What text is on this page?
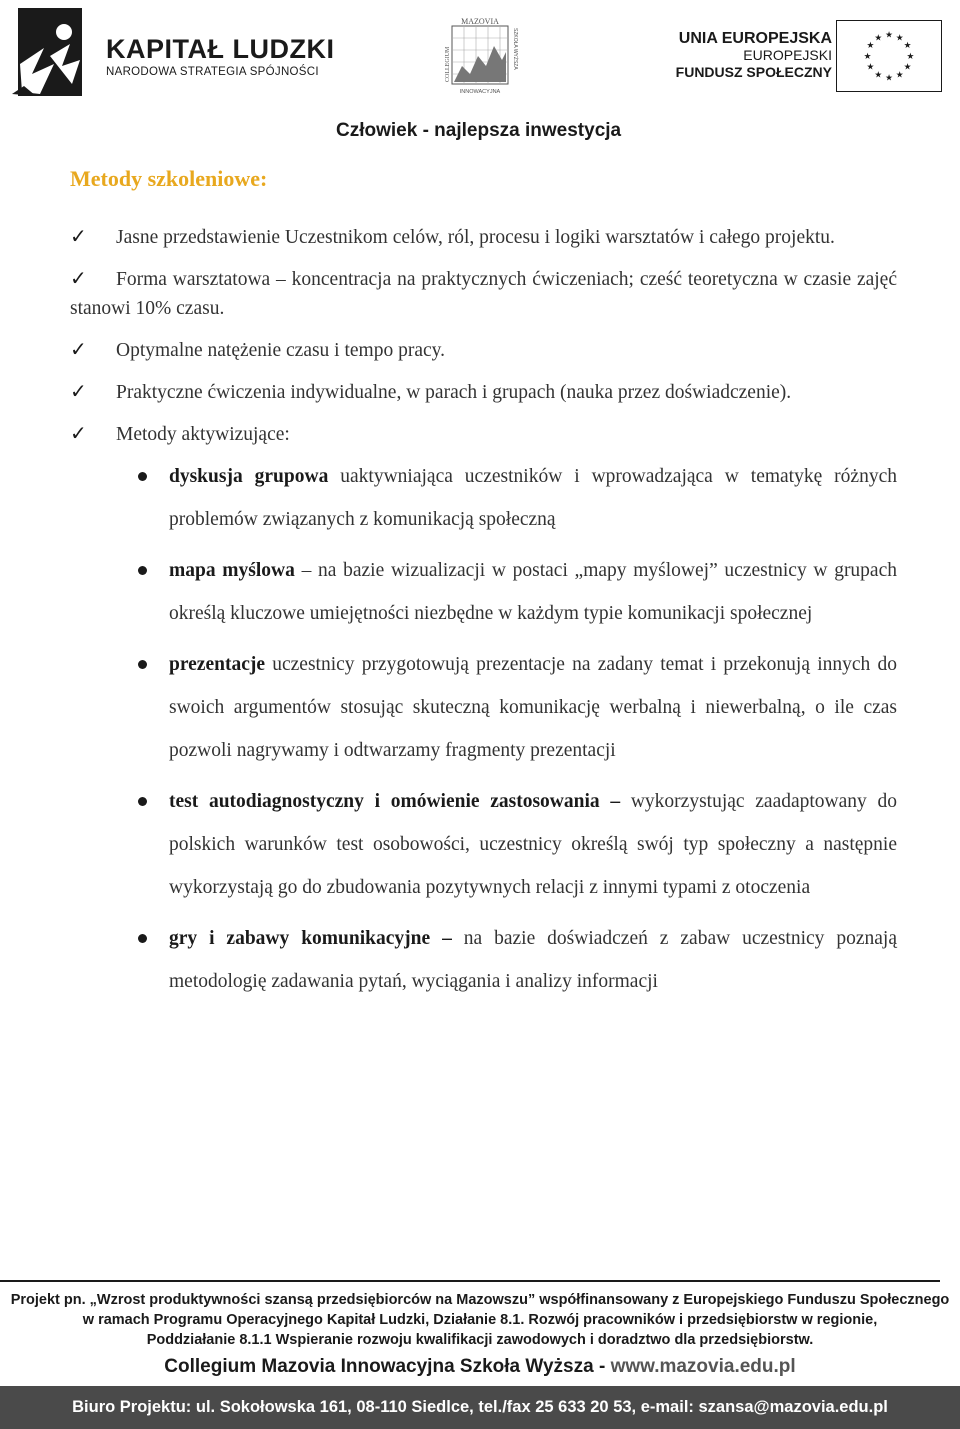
KAPITAŁ LUDZKI
NARODOWA STRATEGIA SPÓJNOŚCI
MAZOVIA
INNOWACYJNA
COLLEGIUM	SZKOŁA WYŻSZA	UNIA EUROPEJSKA
EUROPEJSKI
FUNDUSZ SPOŁECZNY
★
★
★
★
★
★
★
★
★ ★ ★
★
Człowiek - najlepsza inwestycja
Metody szkoleniowe:
✓ Jasne przedstawienie Uczestnikom celów, ról, procesu i logiki warsztatów i całego projektu.
✓ Forma warsztatowa – koncentracja na praktycznych ćwiczeniach; cześć teoretyczna w czasie zajęć stanowi 10% czasu.
✓ Optymalne natężenie czasu i tempo pracy.
✓ Praktyczne ćwiczenia indywidualne, w parach i grupach (nauka przez doświadczenie).
✓ Metody aktywizujące:
dyskusja grupowa uaktywniająca uczestników i wprowadzająca w tematykę różnych problemów związanych z komunikacją społeczną
mapa myślowa – na bazie wizualizacji w postaci „mapy myślowej” uczestnicy w grupach określą kluczowe umiejętności niezbędne w każdym typie komunikacji społecznej
prezentacje uczestnicy przygotowują prezentacje na zadany temat i przekonują innych do swoich argumentów stosując skuteczną komunikację werbalną i niewerbalną, o ile czas pozwoli nagrywamy i odtwarzamy fragmenty prezentacji
test autodiagnostyczny i omówienie zastosowania – wykorzystując zaadaptowany do polskich warunków test osobowości, uczestnicy określą swój typ społeczny a następnie wykorzystają go do zbudowania pozytywnych relacji z innymi typami z otoczenia
gry i zabawy komunikacyjne – na bazie doświadczeń z zabaw uczestnicy poznają metodologię zadawania pytań, wyciągania i analizy informacji
Projekt pn. „Wzrost produktywności szansą przedsiębiorców na Mazowszu” współfinansowany z Europejskiego Funduszu Społecznego
w ramach Programu Operacyjnego Kapitał Ludzki, Działanie 8.1. Rozwój pracowników i przedsiębiorstw w regionie,
Poddziałanie 8.1.1 Wspieranie rozwoju kwalifikacji zawodowych i doradztwo dla przedsiębiorstw.
Collegium Mazovia Innowacyjna Szkoła Wyższa - www.mazovia.edu.pl
Biuro Projektu: ul. Sokołowska 161, 08-110 Siedlce, tel./fax 25 633 20 53, e-mail: szansa@mazovia.edu.pl
